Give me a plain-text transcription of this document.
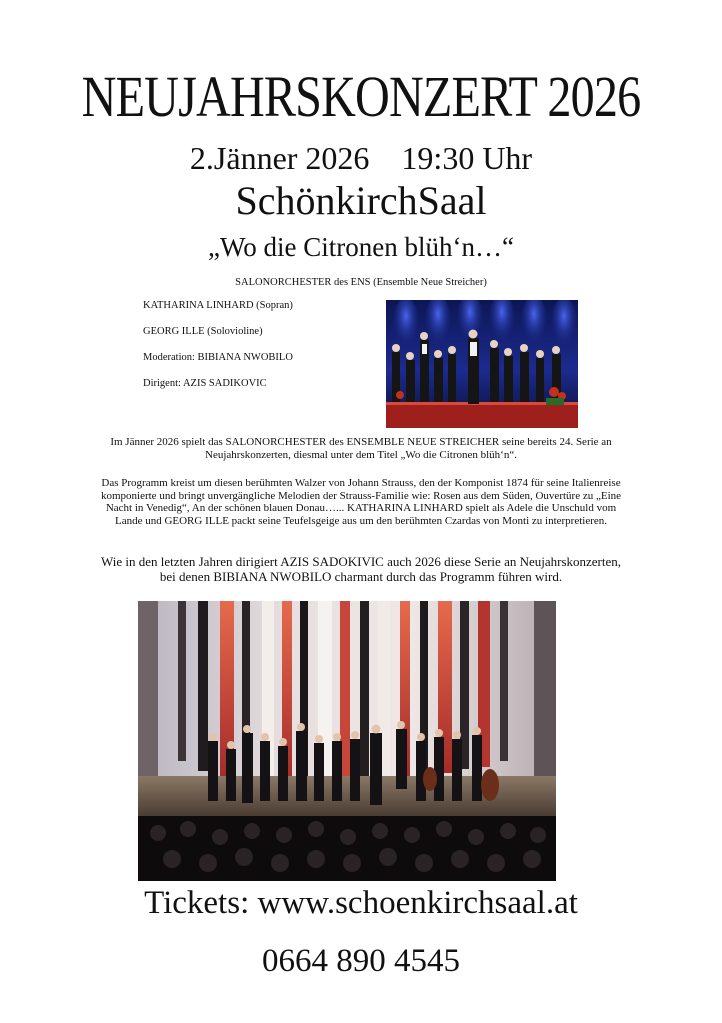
NEUJAHRSKONZERT 2026
2.Jänner 2026    19:30 Uhr
SchönkirchSaal
„Wo die Citronen blüh‘n…“
SALONORCHESTER des ENS (Ensemble Neue Streicher)
KATHARINA LINHARD (Sopran)
GEORG ILLE (Solovioline)
Moderation: BIBIANA NWOBILO
Dirigent: AZIS SADIKOVIC
Im Jänner 2026 spielt das SALONORCHESTER des ENSEMBLE NEUE STREICHER seine bereits 24. Serie an Neujahrskonzerten, diesmal unter dem Titel „Wo die Citronen blüh‘n“.
Das Programm kreist um diesen berühmten Walzer von Johann Strauss, den der Komponist 1874 für seine Italienreise komponierte und bringt unvergängliche Melodien der Strauss-Familie wie: Rosen aus dem Süden, Ouvertüre zu „Eine Nacht in Venedig“, An der schönen blauen Donau…... KATHARINA LINHARD spielt als Adele die Unschuld vom Lande und GEORG ILLE packt seine Teufelsgeige aus um den berühmten Czardas von Monti zu interpretieren.
Wie in den letzten Jahren dirigiert AZIS SADOKIVIC auch 2026 diese Serie an Neujahrskonzerten, bei denen BIBIANA NWOBILO charmant durch das Programm führen wird.
Tickets: www.schoenkirchsaal.at
0664 890 4545
